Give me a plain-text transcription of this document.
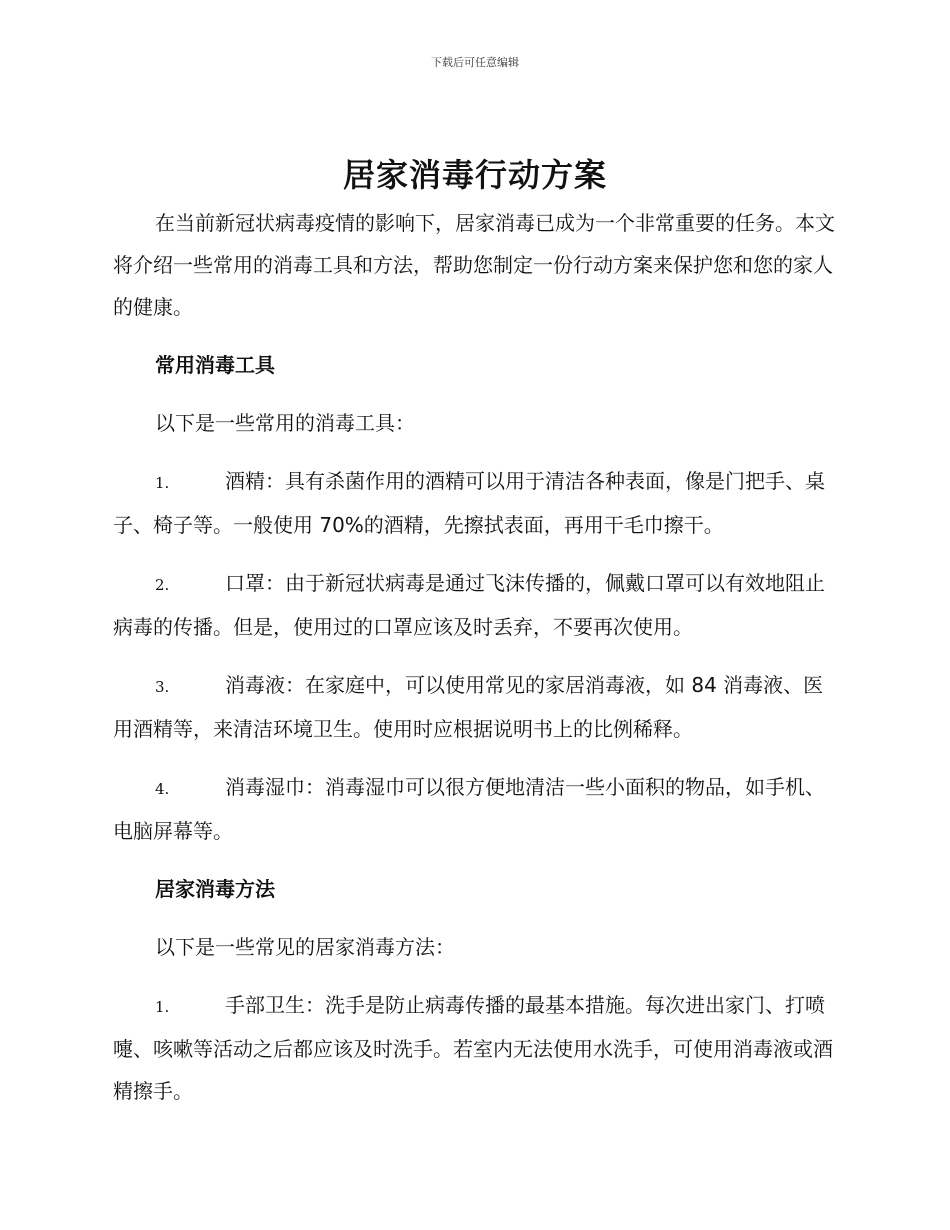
下载后可任意编辑
居家消毒行动方案

在当前新冠状病毒疫情的影响下，居家消毒已成为一个非常重要的任务。本文将介绍一些常用的消毒工具和方法，帮助您制定一份行动方案来保护您和您的家人的健康。

常用消毒工具

以下是一些常用的消毒工具：

1.	酒精：具有杀菌作用的酒精可以用于清洁各种表面，像是门把手、桌子、椅子等。一般使用 70%的酒精，先擦拭表面，再用干毛巾擦干。
2.	口罩：由于新冠状病毒是通过飞沫传播的，佩戴口罩可以有效地阻止病毒的传播。但是，使用过的口罩应该及时丢弃，不要再次使用。
3.	消毒液：在家庭中，可以使用常见的家居消毒液，如 84 消毒液、医用酒精等，来清洁环境卫生。使用时应根据说明书上的比例稀释。
4.	消毒湿巾：消毒湿巾可以很方便地清洁一些小面积的物品，如手机、电脑屏幕等。
居家消毒方法

以下是一些常见的居家消毒方法：

1.	手部卫生：洗手是防止病毒传播的最基本措施。每次进出家门、打喷嚏、咳嗽等活动之后都应该及时洗手。若室内无法使用水洗手，可使用消毒液或酒精擦手。
